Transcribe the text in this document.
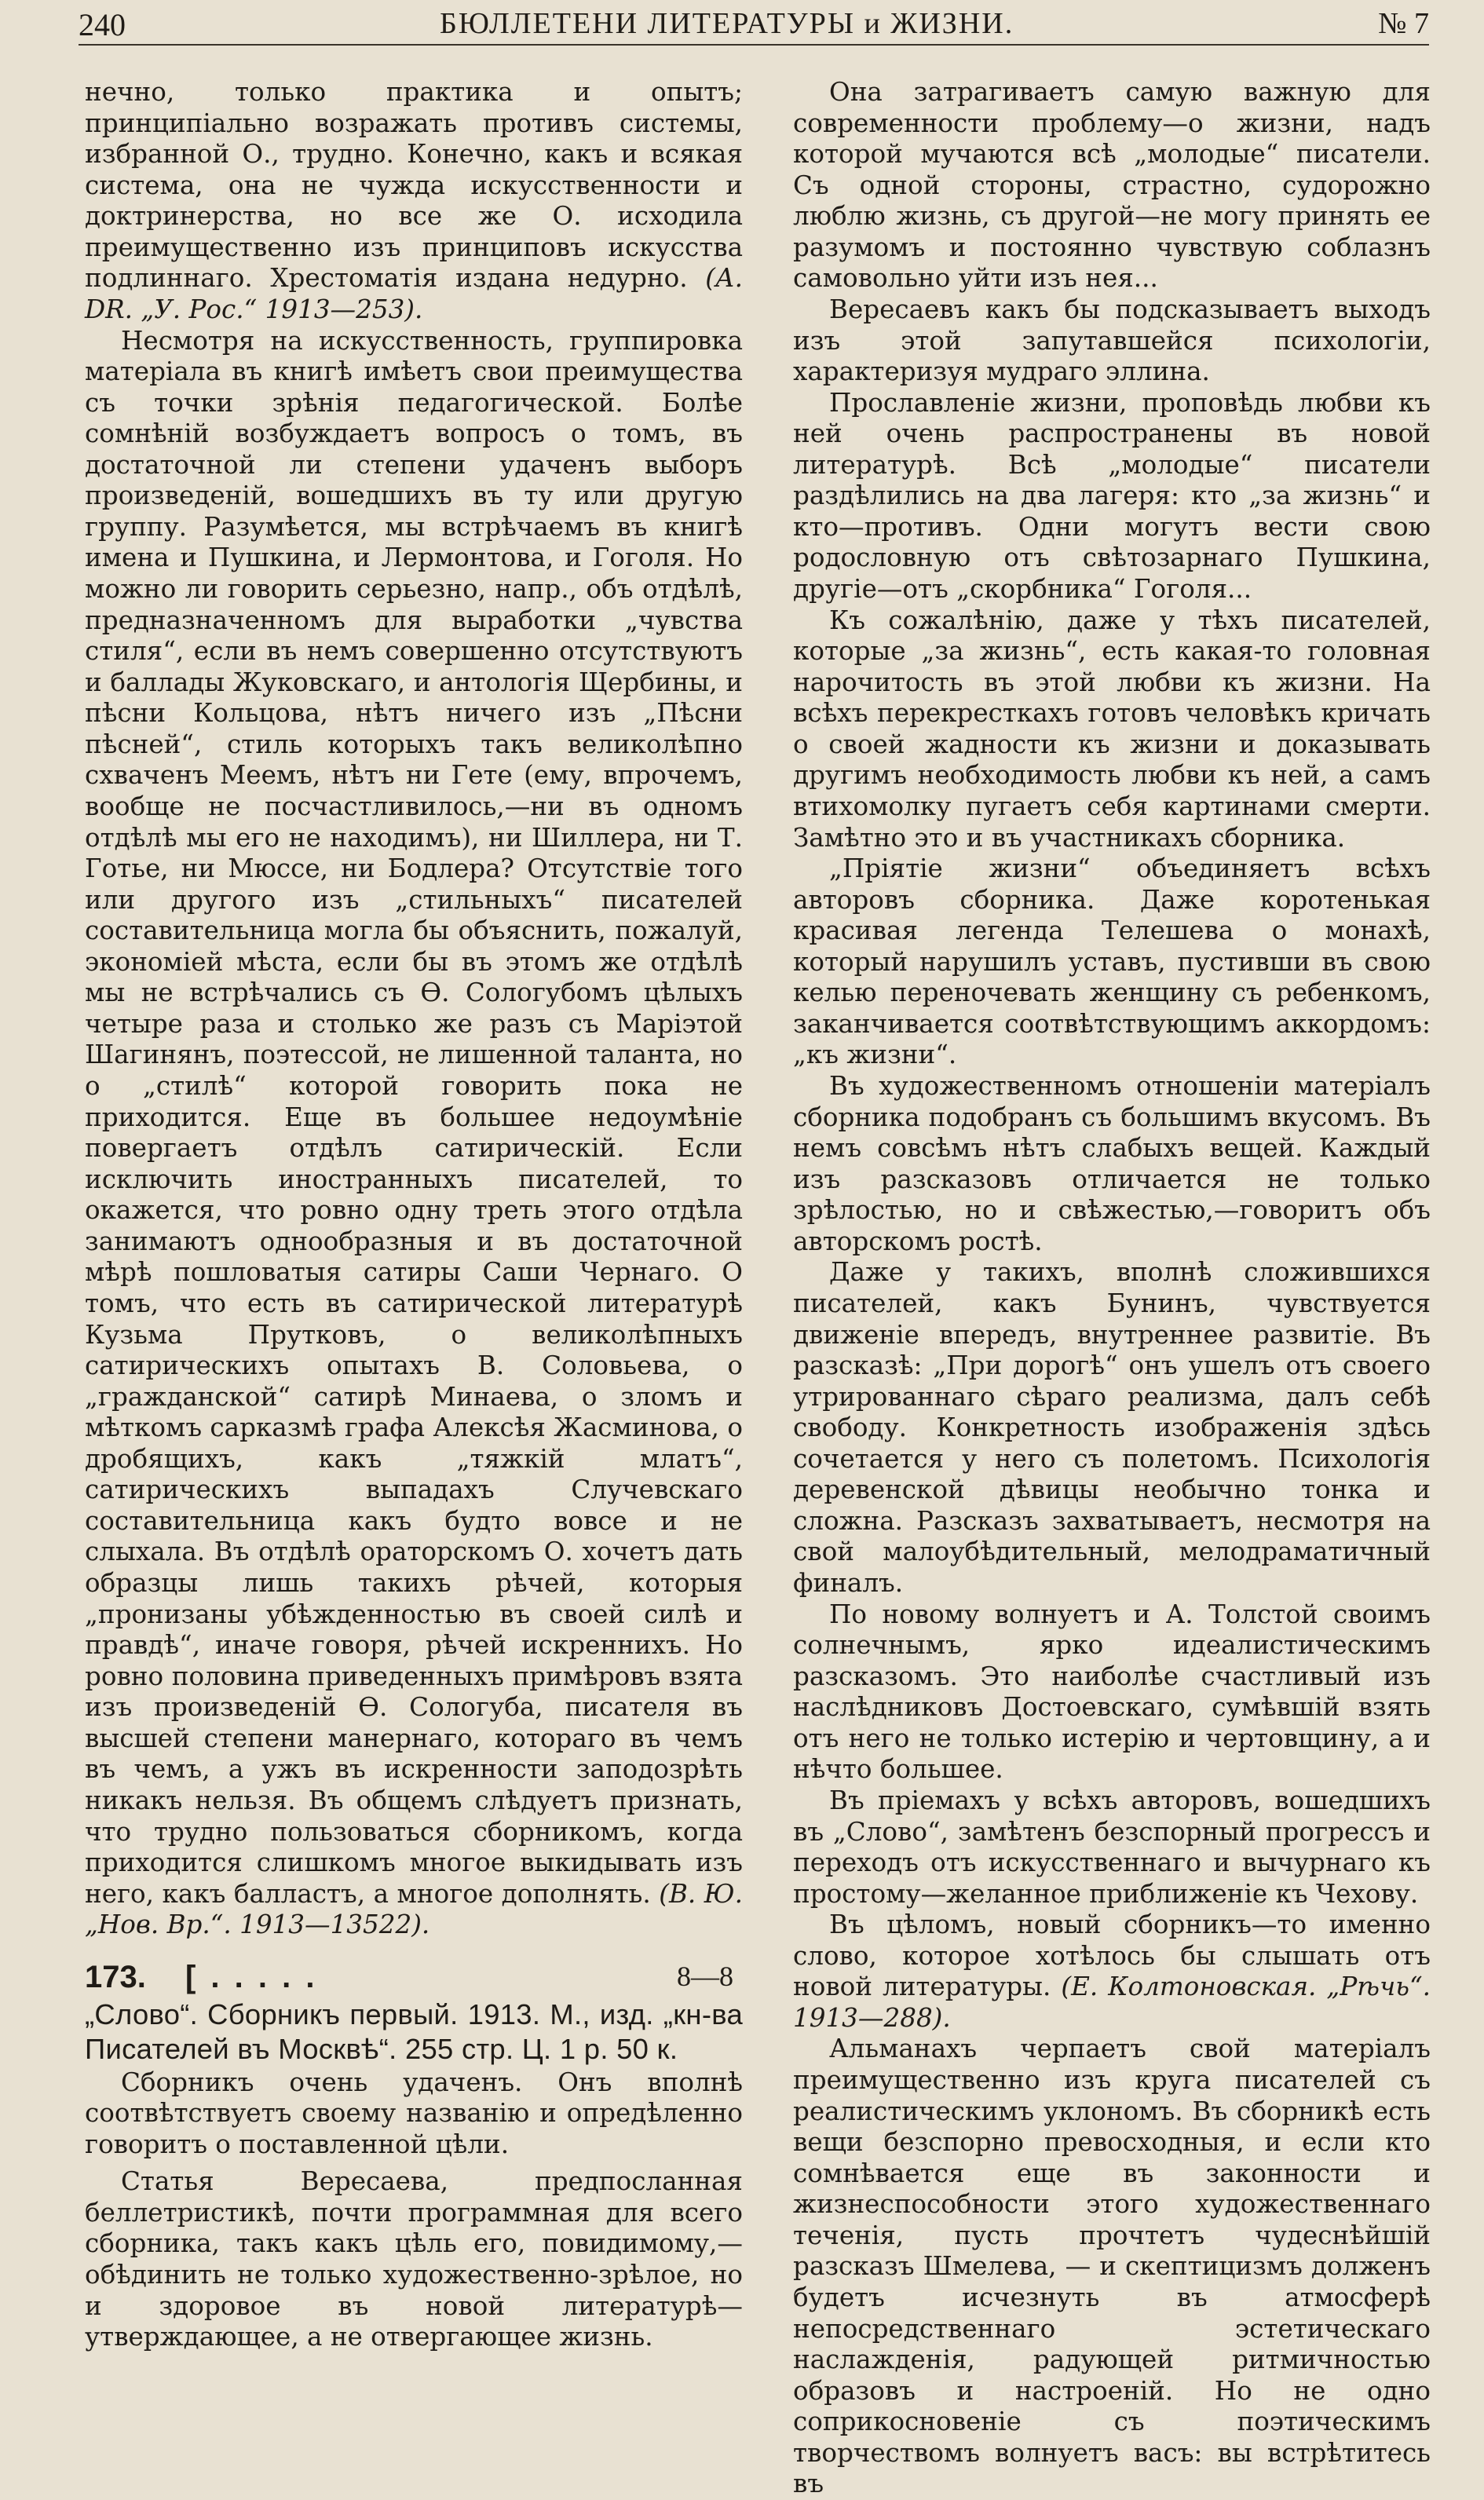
240	БЮЛЛЕТЕНИ ЛИТЕРАТУРЫ и ЖИЗНИ.	№ 7

нечно, только практика и опытъ; принципіально возражать противъ системы, избранной О., трудно. Конечно, какъ и всякая система, она не чужда искусственности и доктринерства, но все же О. исходила преимущественно изъ принциповъ искусства подлиннаго. Хрестоматія издана недурно. (А. DR. „У. Рос.“ 1913—253).

Несмотря на искусственность, группировка матеріала въ книгѣ имѣетъ свои преимущества съ точки зрѣнія педагогической. Болѣе сомнѣній возбуждаетъ вопросъ о томъ, въ достаточной ли степени удаченъ выборъ произведеній, вошедшихъ въ ту или другую группу. Разумѣется, мы встрѣчаемъ въ книгѣ имена и Пушкина, и Лермонтова, и Гоголя. Но можно ли говорить серьезно, напр., объ отдѣлѣ, предназначенномъ для выработки „чувства стиля“, если въ немъ совершенно отсутствуютъ и баллады Жуковскаго, и антологія Щербины, и пѣсни Кольцова, нѣтъ ничего изъ „Пѣсни пѣсней“, стиль которыхъ такъ великолѣпно схваченъ Меемъ, нѣтъ ни Гете (ему, впрочемъ, вообще не посчастливилось,—ни въ одномъ отдѣлѣ мы его не находимъ), ни Шиллера, ни Т. Готье, ни Мюссе, ни Бодлера? Отсутствіе того или другого изъ „стильныхъ“ писателей составительница могла бы объяснить, пожалуй, экономіей мѣста, если бы въ этомъ же отдѣлѣ мы не встрѣчались съ Ѳ. Сологубомъ цѣлыхъ четыре раза и столько же разъ съ Маріэтой Шагинянъ, поэтессой, не лишенной таланта, но о „стилѣ“ которой говорить пока не приходится. Еще въ большее недоумѣніе повергаетъ отдѣлъ сатирическій. Если исключить иностранныхъ писателей, то окажется, что ровно одну треть этого отдѣла занимаютъ однообразныя и въ достаточной мѣрѣ пошловатыя сатиры Саши Чернаго. О томъ, что есть въ сатирической литературѣ Кузьма Прутковъ, о великолѣпныхъ сатирическихъ опытахъ В. Соловьева, о „гражданской“ сатирѣ Минаева, о зломъ и мѣткомъ сарказмѣ графа Алексѣя Жасминова, о дробящихъ, какъ „тяжкій млатъ“, сатирическихъ выпадахъ Случевскаго составительница какъ будто вовсе и не слыхала. Въ отдѣлѣ ораторскомъ О. хочетъ дать образцы лишь такихъ рѣчей, которыя „пронизаны убѣжденностью въ своей силѣ и правдѣ“, иначе говоря, рѣчей искреннихъ. Но ровно половина приведенныхъ примѣровъ взята изъ произведеній Ѳ. Сологуба, писателя въ высшей степени манернаго, котораго въ чемъ въ чемъ, а ужъ въ искренности заподозрѣть никакъ нельзя. Въ общемъ слѣдуетъ признать, что трудно пользоваться сборникомъ, когда приходится слишкомъ многое выкидывать изъ него, какъ балластъ, а многое дополнять. (В. Ю. „Нов. Вр.“. 1913—13522).

173. [ . . . . .	8—8

„Слово“. Сборникъ первый. 1913. М., изд. „кн-ва Писателей въ Москвѣ“. 255 стр. Ц. 1 р. 50 к.

Сборникъ очень удаченъ. Онъ вполнѣ соотвѣтствуетъ своему названію и опредѣленно говоритъ о поставленной цѣли.

Статья Вересаева, предпосланная беллетристикѣ, почти программная для всего сборника, такъ какъ цѣль его, повидимому,—обѣдинить не только художественно-зрѣлое, но и здоровое въ новой литературѣ—утверждающее, а не отвергающее жизнь.

Она затрагиваетъ самую важную для современности проблему—о жизни, надъ которой мучаются всѣ „молодые“ писатели. Съ одной стороны, страстно, судорожно люблю жизнь, съ другой—не могу принять ее разумомъ и постоянно чувствую соблазнъ самовольно уйти изъ нея...

Вересаевъ какъ бы подсказываетъ выходъ изъ этой запутавшейся психологіи, характеризуя мудраго эллина.

Прославленіе жизни, проповѣдь любви къ ней очень распространены въ новой литературѣ. Всѣ „молодые“ писатели раздѣлились на два лагеря: кто „за жизнь“ и кто—противъ. Одни могутъ вести свою родословную отъ свѣтозарнаго Пушкина, другіе—отъ „скорбника“ Гоголя...

Къ сожалѣнію, даже у тѣхъ писателей, которые „за жизнь“, есть какая-то головная нарочитость въ этой любви къ жизни. На всѣхъ перекресткахъ готовъ человѣкъ кричать о своей жадности къ жизни и доказывать другимъ необходимость любви къ ней, а самъ втихомолку пугаетъ себя картинами смерти. Замѣтно это и въ участникахъ сборника.

„Пріятіе жизни“ объединяетъ всѣхъ авторовъ сборника. Даже коротенькая красивая легенда Телешева о монахѣ, который нарушилъ уставъ, пустивши въ свою келью переночевать женщину съ ребенкомъ, заканчивается соотвѣтствующимъ аккордомъ: „къ жизни“.

Въ художественномъ отношеніи матеріалъ сборника подобранъ съ большимъ вкусомъ. Въ немъ совсѣмъ нѣтъ слабыхъ вещей. Каждый изъ разсказовъ отличается не только зрѣлостью, но и свѣжестью,—говоритъ объ авторскомъ ростѣ.

Даже у такихъ, вполнѣ сложившихся писателей, какъ Бунинъ, чувствуется движеніе впередъ, внутреннее развитіе. Въ разсказѣ: „При дорогѣ“ онъ ушелъ отъ своего утрированнаго сѣраго реализма, далъ себѣ свободу. Конкретность изображенія здѣсь сочетается у него съ полетомъ. Психологія деревенской дѣвицы необычно тонка и сложна. Разсказъ захватываетъ, несмотря на свой малоубѣдительный, мелодраматичный финалъ.

По новому волнуетъ и А. Толстой своимъ солнечнымъ, ярко идеалистическимъ разсказомъ. Это наиболѣе счастливый изъ наслѣдниковъ Достоевскаго, сумѣвшій взять отъ него не только истерію и чертовщину, а и нѣчто большее.

Въ пріемахъ у всѣхъ авторовъ, вошедшихъ въ „Слово“, замѣтенъ безспорный прогрессъ и переходъ отъ искусственнаго и вычурнаго къ простому—желанное приближеніе къ Чехову.

Въ цѣломъ, новый сборникъ—то именно слово, которое хотѣлось бы слышать отъ новой литературы. (Е. Колтоновская. „Рѣчь“. 1913—288).

Альманахъ черпаетъ свой матеріалъ преимущественно изъ круга писателей съ реалистическимъ уклономъ. Въ сборникѣ есть вещи безспорно превосходныя, и если кто сомнѣвается еще въ законности и жизнеспособности этого художественнаго теченія, пусть прочтетъ чудеснѣйшій разсказъ Шмелева, — и скептицизмъ долженъ будетъ исчезнуть въ атмосферѣ непосредственнаго эстетическаго наслажденія, радующей ритмичностью образовъ и настроеній. Но не одно соприкосновеніе съ поэтическимъ творчествомъ волнуетъ васъ: вы встрѣтитесь въ
